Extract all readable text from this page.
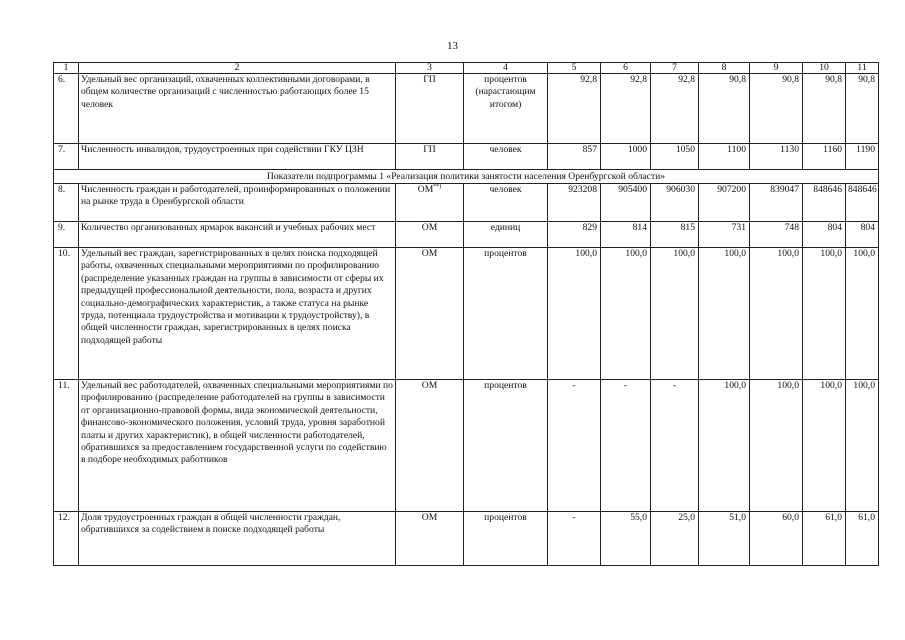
13
1	2	3	4	5	6	7	8	9	10	11
6.	Удельный вес организаций, охваченных коллективными договорами, в общем количестве организаций с численностью работающих более 15 человек	ГП	процентов (нарастающим итогом)	92,8	92,8	92,8	90,8	90,8	90,8	90,8
7.	Численность инвалидов, трудоустроенных при содействии ГКУ ЦЗН	ГП	человек	857	1000	1050	1100	1130	1160	1190
Показатели подпрограммы 1 «Реализация политики занятости населения Оренбургской области»										
8.	Численность граждан и работодателей, проинформированных о положении на рынке труда в Оренбургской области	ОМ**)	человек	923208	905400	906030	907200	839047	848646	848646
9.	Количество организованных ярмарок вакансий и учебных рабочих мест	ОМ	единиц	829	814	815	731	748	804	804
10.	Удельный вес граждан, зарегистрированных в целях поиска подходящей работы, охваченных специальными мероприятиями по профилированию (распределение указанных граждан на группы в зависимости от сферы их предыдущей профессиональной деятельности, пола, возраста и других социально-демографических характеристик, а также статуса на рынке труда, потенциала трудоустройства и мотивации к трудоустройству), в общей численности граждан, зарегистрированных в целях поиска подходящей работы	ОМ	процентов	100,0	100,0	100,0	100,0	100,0	100,0	100,0
11.	Удельный вес работодателей, охваченных специальными мероприятиями по профилированию (распределение работодателей на группы в зависимости от организационно-правовой формы, вида экономической деятельности, финансово-экономического положения, условий труда, уровня заработной платы и других характеристик), в общей численности работодателей, обратившихся за предоставлением государственной услуги по содействию в подборе необходимых работников	ОМ	процентов	-	-	-	100,0	100,0	100,0	100,0
12.	Доля трудоустроенных граждан в общей численности граждан, обратившихся за содействием в поиске подходящей работы	ОМ	процентов	-	55,0	25,0	51,0	60,0	61,0	61,0
